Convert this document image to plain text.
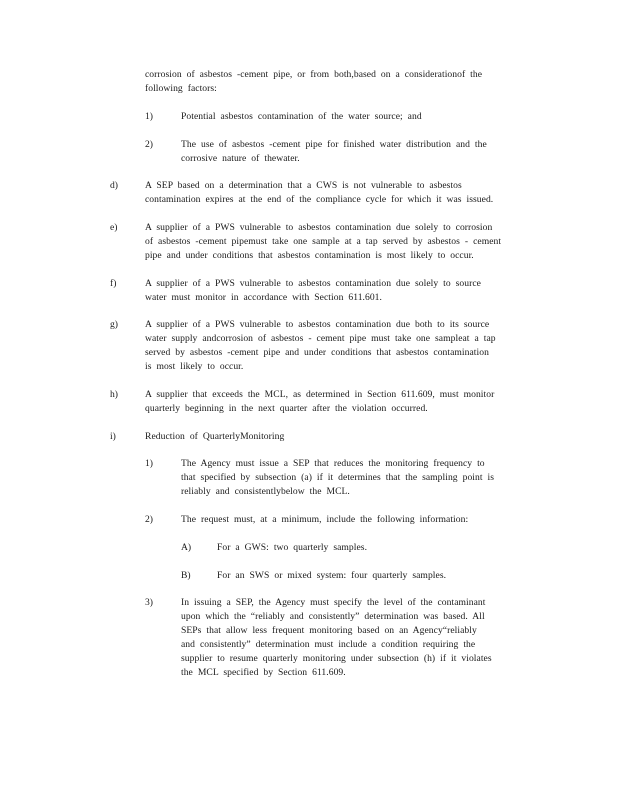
corrosion of asbestos -cement pipe, or from both,based on a considerationof the
following factors:
1)	Potential asbestos contamination of the water source; and
2)	The use of asbestos -cement pipe for finished water distribution and the
corrosive nature of thewater.
d)	A SEP based on a determination that a CWS is not vulnerable to asbestos
contamination expires at the end of the compliance cycle for which it was issued.
e)	A supplier of a PWS vulnerable to asbestos contamination due solely to corrosion
of asbestos -cement pipemust take one sample at a tap served by asbestos - cement
pipe and under conditions that asbestos contamination is most likely to occur.
f)	A supplier of a PWS vulnerable to asbestos contamination due solely to source
water must monitor in accordance with Section 611.601.
g)	A supplier of a PWS vulnerable to asbestos contamination due both to its source
water supply andcorrosion of asbestos - cement pipe must take one sampleat a tap
served by asbestos -cement pipe and under conditions that asbestos contamination
is most likely to occur.
h)	A supplier that exceeds the MCL, as determined in Section 611.609, must monitor
quarterly beginning in the next quarter after the violation occurred.
i)	Reduction of QuarterlyMonitoring
1)	The Agency must issue a SEP that reduces the monitoring frequency to
that specified by subsection (a) if it determines that the sampling point is
reliably and consistentlybelow the MCL.
2)	The request must, at a minimum, include the following information:
A)	For a GWS: two quarterly samples.
B)	For an SWS or mixed system: four quarterly samples.
3)	In issuing a SEP, the Agency must specify the level of the contaminant
upon which the “reliably and consistently” determination was based. All
SEPs that allow less frequent monitoring based on an Agency“reliably
and consistently” determination must include a condition requiring the
supplier to resume quarterly monitoring under subsection (h) if it violates
the MCL specified by Section 611.609.
